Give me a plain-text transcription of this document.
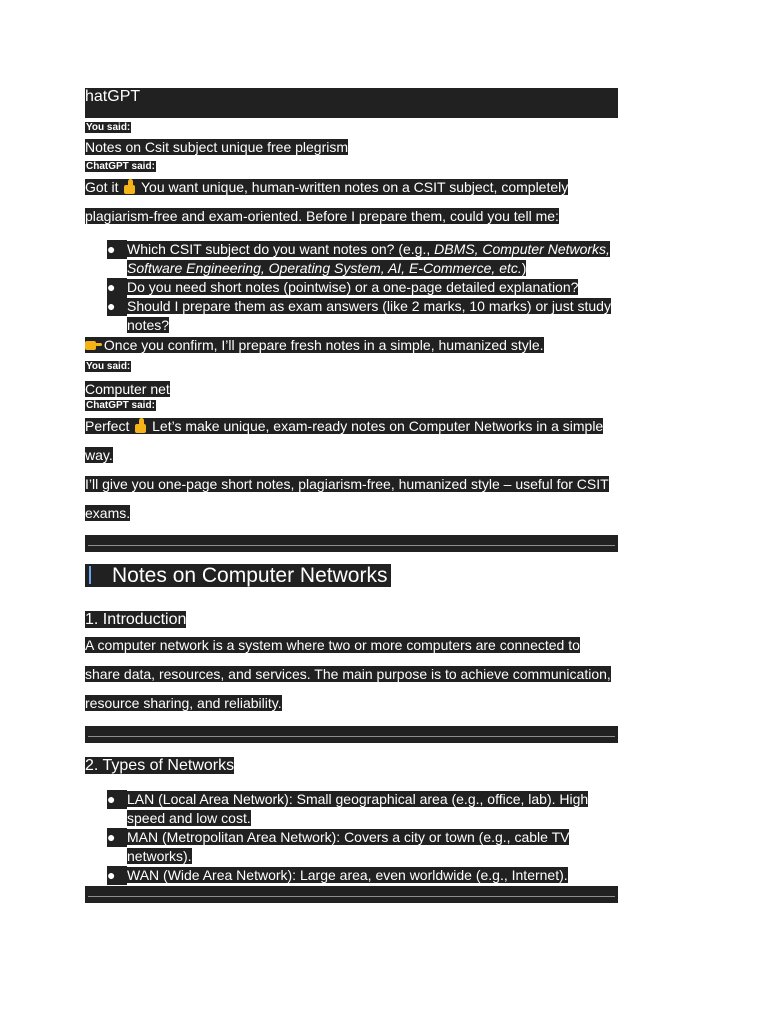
hatGPT
You said:

Notes on Csit subject unique free plegrism

ChatGPT said:

Got it You want unique, human-written notes on a CSIT subject, completely

plagiarism-free and exam-oriented. Before I prepare them, could you tell me:

● Which CSIT subject do you want notes on? (e.g., DBMS, Computer Networks,
Software Engineering, Operating System, AI, E-Commerce, etc.)
● Do you need short notes (pointwise) or a one-page detailed explanation?
● Should I prepare them as exam answers (like 2 marks, 10 marks) or just study
notes?

Once you confirm, I’ll prepare fresh notes in a simple, humanized style.

You said:

Computer net

ChatGPT said:

Perfect Let’s make unique, exam-ready notes on Computer Networks in a simple

way.

I’ll give you one-page short notes, plagiarism-free, humanized style – useful for CSIT

exams.

Notes on Computer Networks

1. Introduction

A computer network is a system where two or more computers are connected to

share data, resources, and services. The main purpose is to achieve communication,

resource sharing, and reliability.

2. Types of Networks

● LAN (Local Area Network): Small geographical area (e.g., office, lab). High
speed and low cost.
● MAN (Metropolitan Area Network): Covers a city or town (e.g., cable TV
networks).
● WAN (Wide Area Network): Large area, even worldwide (e.g., Internet).
